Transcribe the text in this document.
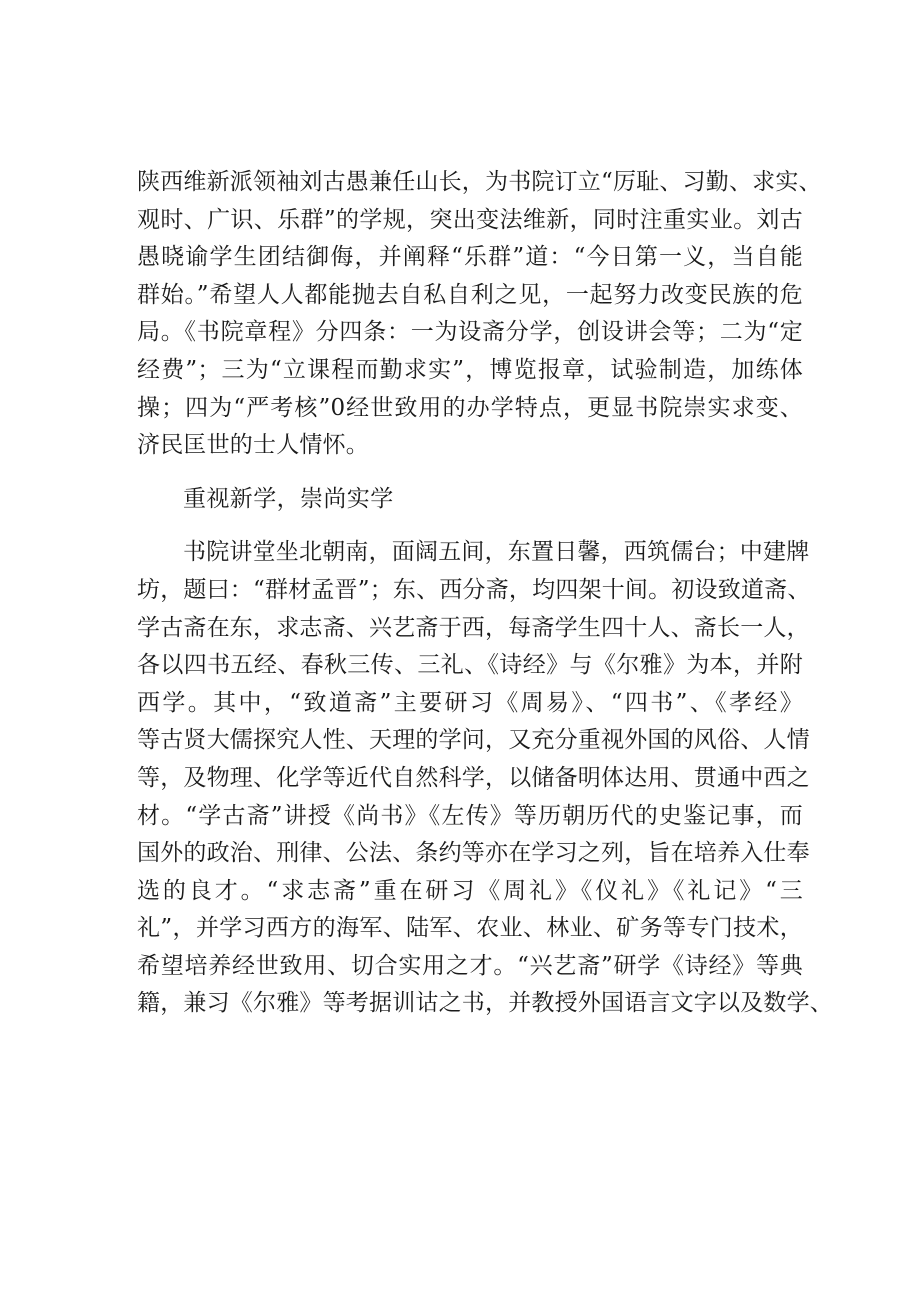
陕西维新派领袖刘古愚兼任山长，为书院订立“厉耻、习勤、求实、
观时、广识、乐群”的学规，突出变法维新，同时注重实业。刘古
愚晓谕学生团结御侮，并阐释“乐群”道：“今日第一义，当自能
群始。”希望人人都能抛去自私自利之见，一起努力改变民族的危
局。《书院章程》分四条：一为设斋分学，创设讲会等；二为“定
经费”；三为“立课程而勤求实”，博览报章，试验制造，加练体
操；四为“严考核”0经世致用的办学特点，更显书院崇实求变、
济民匡世的士人情怀。
重视新学，崇尚实学
书院讲堂坐北朝南，面阔五间，东置日馨，西筑儒台；中建牌
坊，题曰：“群材孟晋”；东、西分斋，均四架十间。初设致道斋、
学古斋在东，求志斋、兴艺斋于西，每斋学生四十人、斋长一人，
各以四书五经、春秋三传、三礼、《诗经》与《尔雅》为本，并附
西学。其中，“致道斋”主要研习《周易》、“四书”、《孝经》
等古贤大儒探究人性、天理的学问，又充分重视外国的风俗、人情
等，及物理、化学等近代自然科学，以储备明体达用、贯通中西之
材。“学古斋”讲授《尚书》《左传》等历朝历代的史鉴记事，而
国外的政治、刑律、公法、条约等亦在学习之列，旨在培养入仕奉
选的良才。“求志斋”重在研习《周礼》《仪礼》《礼记》“三
礼”，并学习西方的海军、陆军、农业、林业、矿务等专门技术，
希望培养经世致用、切合实用之才。“兴艺斋”研学《诗经》等典
籍，兼习《尔雅》等考据训诂之书，并教授外国语言文字以及数学、
